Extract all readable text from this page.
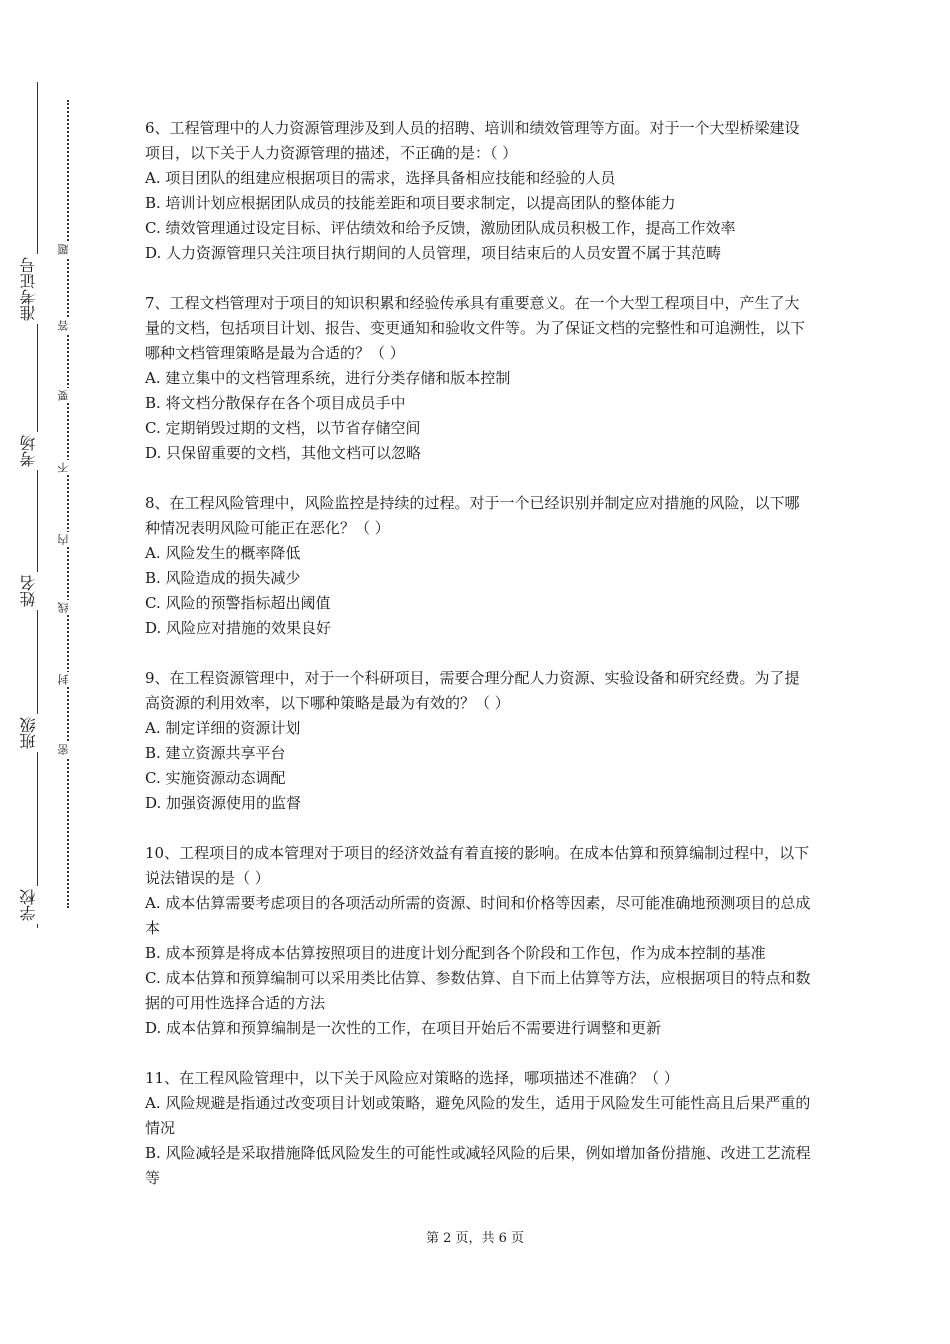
准考证号
考场
姓名
班级
学校
题
答
要
不
内
线
封
密

6、工程管理中的人力资源管理涉及到人员的招聘、培训和绩效管理等方面。对于一个大型桥梁建设项目，以下关于人力资源管理的描述，不正确的是：（ ）

A. 项目团队的组建应根据项目的需求，选择具备相应技能和经验的人员

B. 培训计划应根据团队成员的技能差距和项目要求制定，以提高团队的整体能力

C. 绩效管理通过设定目标、评估绩效和给予反馈，激励团队成员积极工作，提高工作效率

D. 人力资源管理只关注项目执行期间的人员管理，项目结束后的人员安置不属于其范畴

7、工程文档管理对于项目的知识积累和经验传承具有重要意义。在一个大型工程项目中，产生了大量的文档，包括项目计划、报告、变更通知和验收文件等。为了保证文档的完整性和可追溯性，以下哪种文档管理策略是最为合适的？（ ）

A. 建立集中的文档管理系统，进行分类存储和版本控制

B. 将文档分散保存在各个项目成员手中

C. 定期销毁过期的文档，以节省存储空间

D. 只保留重要的文档，其他文档可以忽略

8、在工程风险管理中，风险监控是持续的过程。对于一个已经识别并制定应对措施的风险，以下哪种情况表明风险可能正在恶化？（ ）

A. 风险发生的概率降低

B. 风险造成的损失减少

C. 风险的预警指标超出阈值

D. 风险应对措施的效果良好

9、在工程资源管理中，对于一个科研项目，需要合理分配人力资源、实验设备和研究经费。为了提高资源的利用效率，以下哪种策略是最为有效的？（ ）

A. 制定详细的资源计划

B. 建立资源共享平台

C. 实施资源动态调配

D. 加强资源使用的监督

10、工程项目的成本管理对于项目的经济效益有着直接的影响。在成本估算和预算编制过程中，以下说法错误的是（ ）

A. 成本估算需要考虑项目的各项活动所需的资源、时间和价格等因素，尽可能准确地预测项目的总成本

B. 成本预算是将成本估算按照项目的进度计划分配到各个阶段和工作包，作为成本控制的基准

C. 成本估算和预算编制可以采用类比估算、参数估算、自下而上估算等方法，应根据项目的特点和数据的可用性选择合适的方法

D. 成本估算和预算编制是一次性的工作，在项目开始后不需要进行调整和更新

11、在工程风险管理中，以下关于风险应对策略的选择，哪项描述不准确？（ ）

A. 风险规避是指通过改变项目计划或策略，避免风险的发生，适用于风险发生可能性高且后果严重的情况

B. 风险减轻是采取措施降低风险发生的可能性或减轻风险的后果，例如增加备份措施、改进工艺流程等

第 2 页，共 6 页
